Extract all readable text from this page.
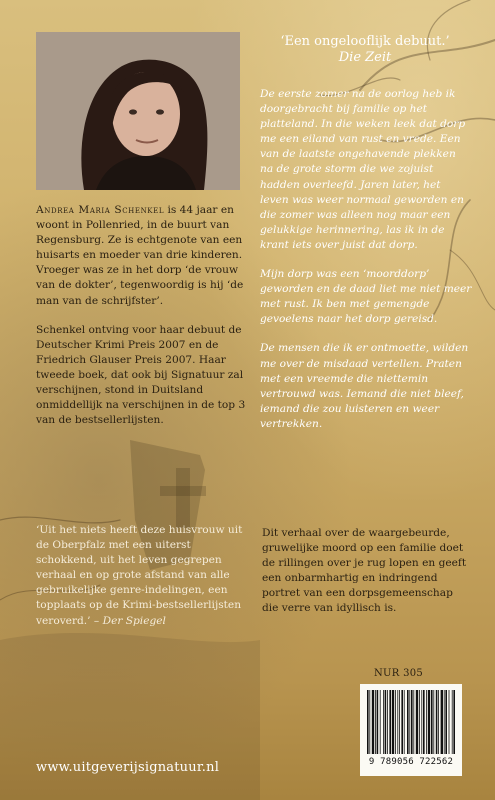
‘Een ongelooflijk debuut.’
Die Zeit

Andrea Maria Schenkel is 44 jaar en woont in Pollenried, in de buurt van Regensburg. Ze is echtgenote van een huisarts en moeder van drie kinderen. Vroeger was ze in het dorp ‘de vrouw van de dokter’, tegenwoordig is hij ‘de man van de schrijfster’.

Schenkel ontving voor haar debuut de Deutscher Krimi Preis 2007 en de Friedrich Glauser Preis 2007. Haar tweede boek, dat ook bij Signatuur zal verschijnen, stond in Duitsland onmiddellijk na verschijnen in de top 3 van de bestsellerlijsten.

‘Uit het niets heeft deze huisvrouw uit de Oberpfalz met een uiterst schokkend, uit het leven gegrepen verhaal en op grote afstand van alle gebruikelijke genre-indelingen, een topplaats op de Krimi-bestsellerlijsten veroverd.’ – Der Spiegel

De eerste zomer na de oorlog heb ik doorgebracht bij familie op het platteland. In die weken leek dat dorp me een eiland van rust en vrede. Een van de laatste ongehavende plekken na de grote storm die we zojuist hadden overleefd. Jaren later, het leven was weer normaal geworden en die zomer was alleen nog maar een gelukkige herinnering, las ik in de krant iets over juist dat dorp.

Mijn dorp was een ‘moorddorp’ geworden en de daad liet me niet meer met rust. Ik ben met gemengde gevoelens naar het dorp gereisd.

De mensen die ik er ontmoette, wilden me over de misdaad vertellen. Praten met een vreemde die niettemin vertrouwd was. Iemand die niet bleef, iemand die zou luisteren en weer vertrekken.

Dit verhaal over de waargebeurde, gruwelijke moord op een familie doet de rillingen over je rug lopen en geeft een onbarmhartig en indringend portret van een dorpsgemeenschap die verre van idyllisch is.
NUR 305
9 789056 722562
www.uitgeverijsignatuur.nl
